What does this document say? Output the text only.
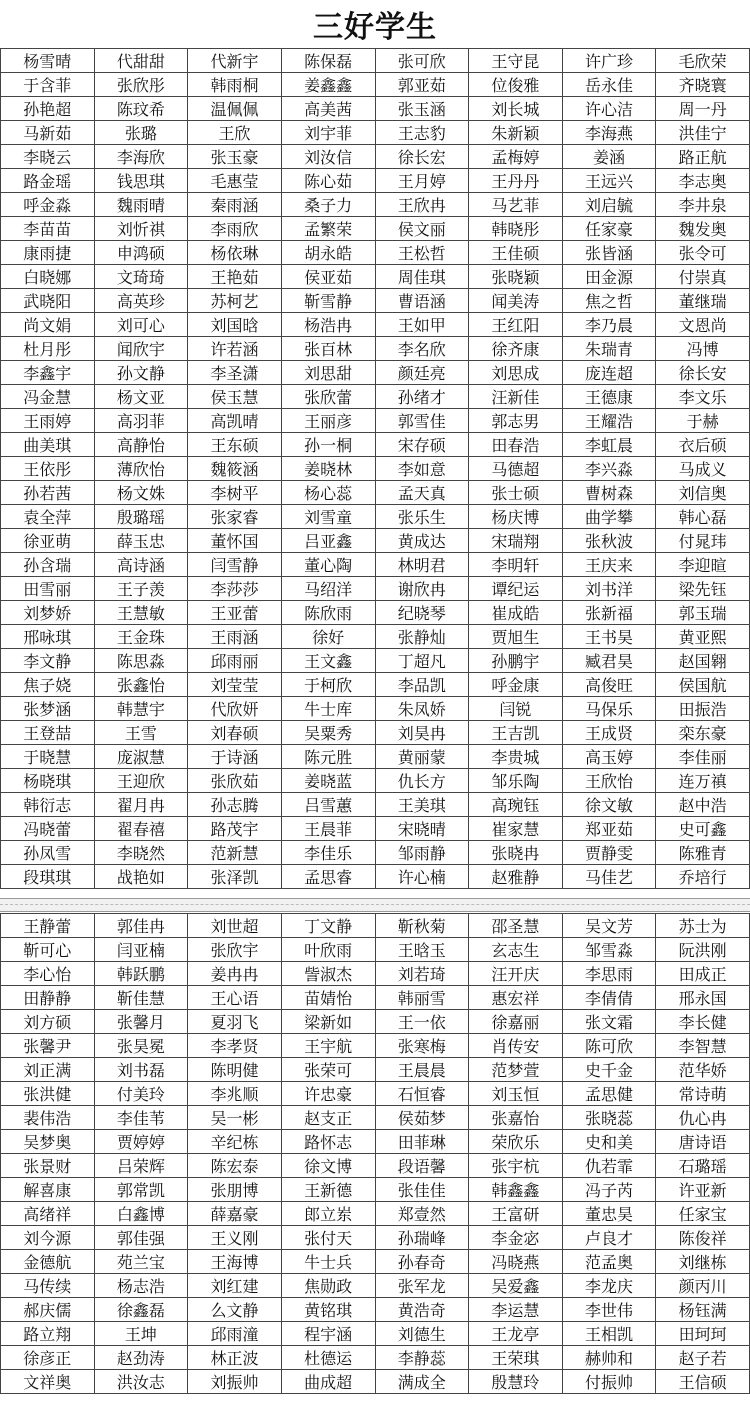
三好学生
杨雪晴	代甜甜	代新宇	陈保磊	张可欣	王守昆	许广珍	毛欣荣
于含菲	张欣彤	韩雨桐	姜鑫鑫	郭亚茹	位俊雅	岳永佳	齐晓寰
孙艳超	陈玟希	温佩佩	高美茜	张玉涵	刘长城	许心洁	周一丹
马新茹	张璐	王欣	刘宇菲	王志豹	朱新颖	李海燕	洪佳宁
李晓云	李海欣	张玉豪	刘汝信	徐长宏	孟梅婷	姜涵	路正航
路金瑶	钱思琪	毛惠莹	陈心茹	王月婷	王丹丹	王远兴	李志奥
呼金淼	魏雨晴	秦雨涵	桑子力	王欣冉	马艺菲	刘启毓	李井泉
李苗苗	刘忻祺	李雨欣	孟繁荣	侯文丽	韩晓彤	任家豪	魏发奥
康雨捷	申鸿硕	杨依琳	胡永皓	王松哲	王佳硕	张皆涵	张令可
白晓娜	文琦琦	王艳茹	侯亚茹	周佳琪	张晓颖	田金源	付崇真
武晓阳	高英珍	苏柯艺	靳雪静	曹语涵	闻美涛	焦之哲	董继瑞
尚文娟	刘可心	刘国晗	杨浩冉	王如甲	王红阳	李乃晨	文恩尚
杜月彤	闻欣宇	许若涵	张百林	李名欣	徐齐康	朱瑞青	冯博
李鑫宇	孙文静	李圣潇	刘思甜	颜廷亮	刘思成	庞连超	徐长安
冯金慧	杨文亚	侯玉慧	张欣蕾	孙绪才	汪新佳	王德康	李文乐
王雨婷	高羽菲	高凯晴	王丽彦	郭雪佳	郭志男	王耀浩	于赫
曲美琪	高静怡	王东硕	孙一桐	宋存硕	田春浩	李虹晨	衣后硕
王依彤	薄欣怡	魏筱涵	姜晓林	李如意	马德超	李兴淼	马成义
孙若茜	杨文姝	李树平	杨心蕊	孟天真	张士硕	曹树森	刘信奥
袁全萍	殷璐瑶	张家睿	刘雪童	张乐生	杨庆博	曲学攀	韩心磊
徐亚萌	薛玉忠	董怀国	吕亚鑫	黄成达	宋瑞翔	张秋波	付晁玮
孙含瑞	高诗涵	闫雪静	董心陶	林明君	李明轩	王庆来	李迎暄
田雪丽	王子羡	李莎莎	马绍洋	谢欣冉	谭纪运	刘书洋	梁先钰
刘梦娇	王慧敏	王亚蕾	陈欣雨	纪晓琴	崔成皓	张新福	郭玉瑞
邢咏琪	王金珠	王雨涵	徐好	张静灿	贾旭生	王书昊	黄亚熙
李文静	陈思淼	邱雨丽	王文鑫	丁超凡	孙鹏宇	臧君昊	赵国翱
焦子娆	张鑫怡	刘莹莹	于柯欣	李品凯	呼金康	高俊旺	侯国航
张梦涵	韩慧宇	代欣妍	牛士库	朱凤娇	闫锐	马保乐	田振浩
王登喆	王雪	刘春硕	吴粟秀	刘昊冉	王吉凯	王成贤	栾东豪
于晓慧	庞淑慧	于诗涵	陈元胜	黄丽蒙	李贵城	高玉婷	李佳丽
杨晓琪	王迎欣	张欣茹	姜晓蓝	仇长方	邹乐陶	王欣怡	连万禛
韩衍志	翟月冉	孙志腾	吕雪蕙	王美琪	高琬钰	徐文敏	赵中浩
冯晓蕾	翟春禧	路茂宇	王晨菲	宋晓晴	崔家慧	郑亚茹	史可鑫
孙凤雪	李晓然	范新慧	李佳乐	邹雨静	张晓冉	贾静雯	陈雅青
段琪琪	战艳如	张泽凯	孟思睿	许心楠	赵雅静	马佳艺	乔培行
王静蕾	郭佳冉	刘世超	丁文静	靳秋菊	邵圣慧	吴文芳	苏士为
靳可心	闫亚楠	张欣宇	叶欣雨	王晗玉	玄志生	邹雪淼	阮洪刚
李心怡	韩跃鹏	姜冉冉	訾淑杰	刘若琦	汪开庆	李思雨	田成正
田静静	靳佳慧	王心语	苗婧怡	韩丽雪	惠宏祥	李倩倩	邢永国
刘方硕	张馨月	夏羽飞	梁新如	王一依	徐嘉丽	张文霜	李长健
张馨尹	张昊冕	李孝贤	王宇航	张寒梅	肖传安	陈可欣	李智慧
刘正满	刘书磊	陈明健	张荣可	王晨晨	范梦萱	史千金	范华娇
张洪健	付美玲	李兆顺	许忠豪	石恒睿	刘玉恒	孟思健	常诗萌
裴伟浩	李佳苇	吴一彬	赵支正	侯茹梦	张嘉怡	张晓蕊	仇心冉
吴梦奥	贾婷婷	辛纪栋	路怀志	田菲琳	荣欣乐	史和美	唐诗语
张景财	吕荣辉	陈宏泰	徐文博	段语馨	张宇杭	仇若霏	石璐瑶
解喜康	郭常凯	张朋博	王新德	张佳佳	韩鑫鑫	冯子芮	许亚新
高绪祥	白鑫博	薛嘉豪	郎立岽	郑壹然	王富研	董忠昊	任家宝
刘今源	郭佳强	王义刚	张付天	孙瑞峰	李金宓	卢良才	陈俊祥
金德航	苑兰宝	王海博	牛士兵	孙春奇	冯晓燕	范孟奥	刘继栋
马传续	杨志浩	刘红建	焦勋政	张军龙	吴爱鑫	李龙庆	颜丙川
郝庆儒	徐鑫磊	么文静	黄铭琪	黄浩奇	李运慧	李世伟	杨钰满
路立翔	王坤	邱雨潼	程宇涵	刘德生	王龙亭	王相凯	田珂珂
徐彦正	赵劲涛	林正波	杜德运	李静蕊	王荣琪	赫帅和	赵子若
文祥奥	洪汝志	刘振帅	曲成超	满成全	殷慧玲	付振帅	王信硕
